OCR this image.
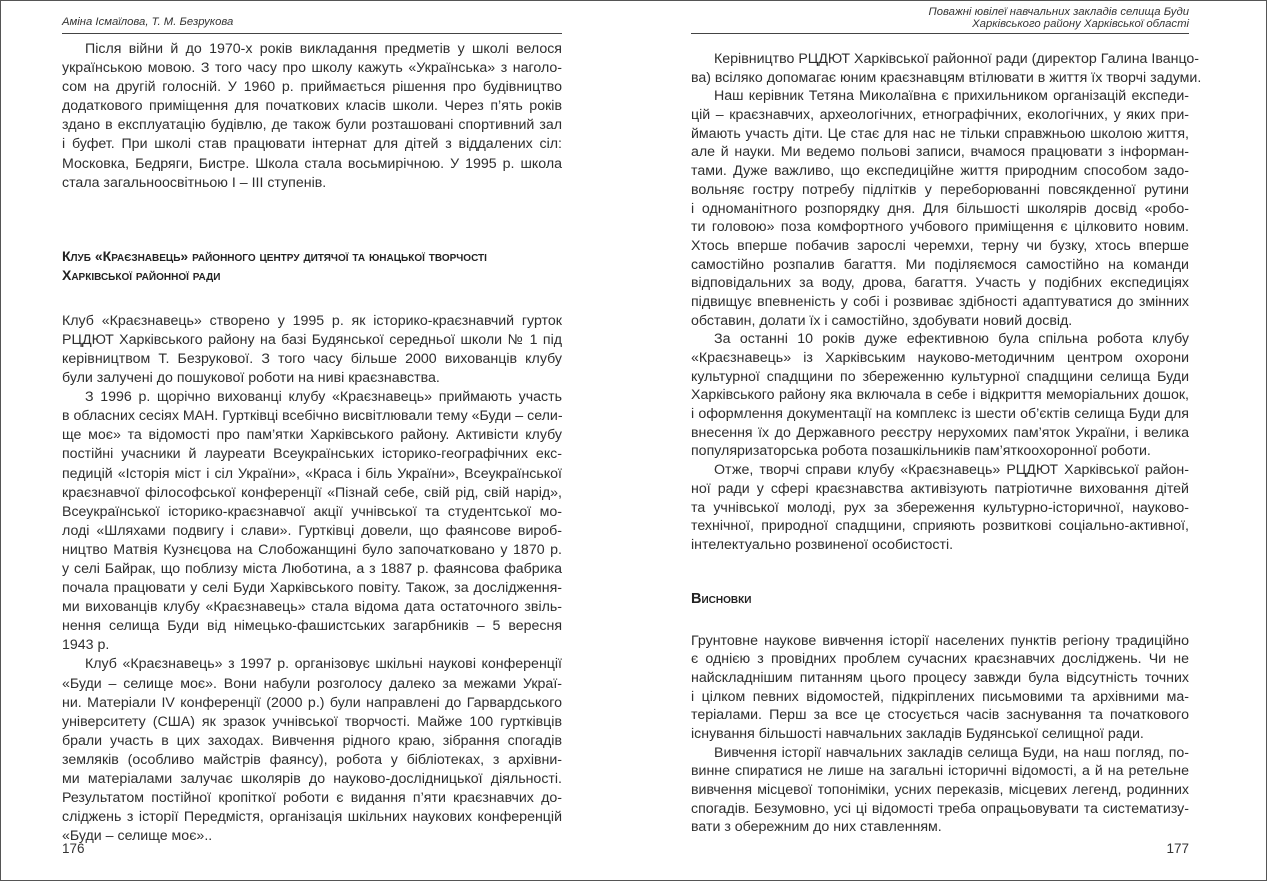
Аміна Ісмаїлова, Т. М. Безрукова
Після війни й до 1970-х років викладання предметів у школі велося
українською мовою. З того часу про школу кажуть «Українська» з наголо-
сом на другій голосній. У 1960 р. приймається рішення про будівництво
додаткового приміщення для початкових класів школи. Через п’ять років
здано в експлуатацію будівлю, де також були розташовані спортивний зал
і буфет. При школі став працювати інтернат для дітей з віддалених сіл:
Московка, Бедряги, Бистре. Школа стала восьмирічною. У 1995 р. школа
стала загальноосвітньою І – ІІІ ступенів.
Клуб «Краєзнавець» районного центру дитячої та юнацької творчості
Харківської районної ради
Клуб «Краєзнавець» створено у 1995 р. як історико-краєзнавчий гурток
РЦДЮТ Харківського району на базі Будянської середньої школи № 1 під
керівництвом Т. Безрукової. З того часу більше 2000 вихованців клубу
були залучені до пошукової роботи на ниві краєзнавства.
З 1996 р. щорічно вихованці клубу «Краєзнавець» приймають участь
в обласних сесіях МАН. Гуртківці всебічно висвітлювали тему «Буди – сели-
ще моє» та відомості про пам’ятки Харківського району. Активісти клубу
постійні учасники й лауреати Всеукраїнських історико-географічних екс-
педицій «Історія міст і сіл України», «Краса і біль України», Всеукраїнської
краєзнавчої філософської конференції «Пізнай себе, свій рід, свій нарід»,
Всеукраїнської історико-краєзнавчої акції учнівської та студентської мо-
лоді «Шляхами подвигу і слави». Гуртківці довели, що фаянсове вироб-
ництво Матвія Кузнєцова на Слобожанщині було започатковано у 1870 р.
у селі Байрак, що поблизу міста Люботина, а з 1887 р. фаянсова фабрика
почала працювати у селі Буди Харківського повіту. Також, за дослідження-
ми вихованців клубу «Краєзнавець» стала відома дата остаточного звіль-
нення селища Буди від німецько-фашистських загарбників – 5 вересня
1943 р.
Клуб «Краєзнавець» з 1997 р. організовує шкільні наукові конференції
«Буди – селище моє». Вони набули розголосу далеко за межами Украї-
ни. Матеріали IV конференції (2000 р.) були направлені до Гарвардського
університету (США) як зразок учнівської творчості. Майже 100 гуртківців
брали участь в цих заходах. Вивчення рідного краю, зібрання спогадів
земляків (особливо майстрів фаянсу), робота у бібліотеках, з архівни-
ми матеріалами залучає школярів до науково-дослідницької діяльності.
Результатом постійної кропіткої роботи є видання п’яти краєзнавчих до-
сліджень з історії Передмістя, організація шкільних наукових конференцій
«Буди – селище моє»..
176
Поважні ювілеї навчальних закладів селища Буди
Харківського району Харківської області
Керівництво РЦДЮТ Харківської районної ради (директор Галина Іванцо-
ва) всіляко допомагає юним краєзнавцям втілювати в життя їх творчі задуми.
Наш керівник Тетяна Миколаївна є прихильником організацій експеди-
цій – краєзнавчих, археологічних, етнографічних, екологічних, у яких при-
ймають участь діти. Це стає для нас не тільки справжньою школою життя,
але й науки. Ми ведемо польові записи, вчамося працювати з інформан-
тами. Дуже важливо, що експедиційне життя природним способом задо-
вольняє гостру потребу підлітків у переборюванні повсякденної рутини
і одноманітного розпорядку дня. Для більшості школярів досвід «робо-
ти головою» поза комфортного учбового приміщення є цілковито новим.
Хтось вперше побачив зарослі черемхи, терну чи бузку, хтось вперше
самостійно розпалив багаття. Ми поділяємося самостійно на команди
відповідальних за воду, дрова, багаття. Участь у подібних експедиціях
підвищує впевненість у собі і розвиває здібності адаптуватися до змінних
обставин, долати їх і самостійно, здобувати новий досвід.
За останні 10 років дуже ефективною була спільна робота клубу
«Краєзнавець» із Харківським науково-методичним центром охорони
культурної спадщини по збереженню культурної спадщини селища Буди
Харківського району яка включала в себе і відкриття меморіальних дошок,
і оформлення документації на комплекс із шести об’єктів селища Буди для
внесення їх до Державного реєстру нерухомих пам’яток України, і велика
популяризаторська робота позашкільників пам’яткоохоронної роботи.
Отже, творчі справи клубу «Краєзнавець» РЦДЮТ Харківської район-
ної ради у сфері краєзнавства активізують патріотичне виховання дітей
та учнівської молоді, рух за збереження культурно-історичної, науково-
технічної, природної спадщини, сприяють розвиткові соціально-активної,
інтелектуально розвиненої особистості.
Висновки
Грунтовне наукове вивчення історії населених пунктів регіону традиційно
є однією з провідних проблем сучасних краєзнавчих досліджень. Чи не
найскладнішим питанням цього процесу завжди була відсутність точних
і цілком певних відомостей, підкріплених письмовими та архівними ма-
теріалами. Перш за все це стосується часів заснування та початкового
існування більшості навчальних закладів Будянської селищної ради.
Вивчення історії навчальних закладів селища Буди, на наш погляд, по-
винне спиратися не лише на загальні історичні відомості, а й на ретельне
вивчення місцевої топоніміки, усних переказів, місцевих легенд, родинних
спогадів. Безумовно, усі ці відомості треба опрацьовувати та систематизу-
вати з обережним до них ставленням.
177
